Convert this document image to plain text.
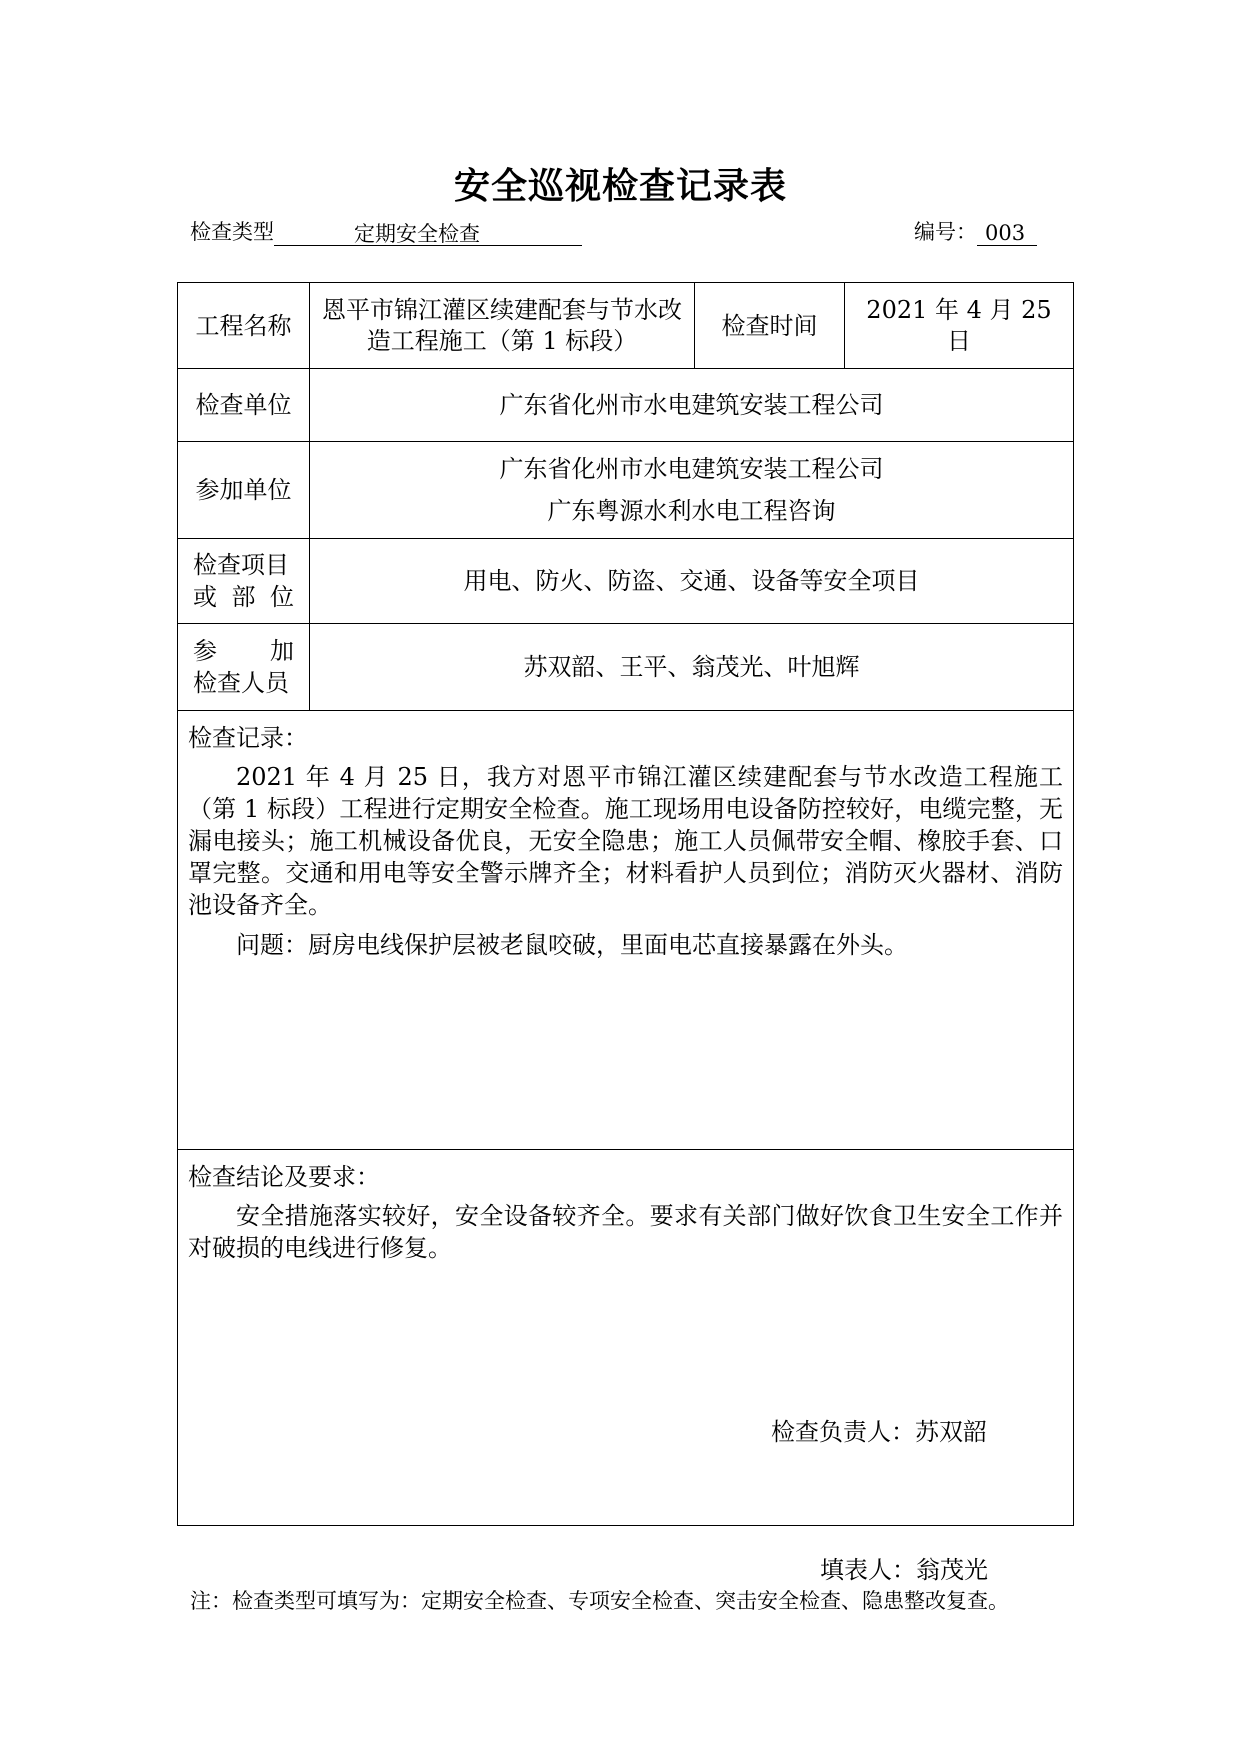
安全巡视检查记录表
检查类型	定期安全检查	编号： 003
工程名称	恩平市锦江灌区续建配套与节水改造工程施工（第 1 标段）	检查时间	2021 年 4 月 25 日
检查单位	广东省化州市水电建筑安装工程公司		
参加单位	广东省化州市水电建筑安装工程公司
广东粤源水利水电工程咨询		

检查项目
或 部 位	用电、防火、防盗、交通、设备等安全项目		

参 加
检查人员	苏双韶、王平、翁茂光、叶旭辉		

检查记录：

2021 年 4 月 25 日，我方对恩平市锦江灌区续建配套与节水改造工程施工（第 1 标段）工程进行定期安全检查。施工现场用电设备防控较好，电缆完整，无漏电接头；施工机械设备优良，无安全隐患；施工人员佩带安全帽、橡胶手套、口罩完整。交通和用电等安全警示牌齐全；材料看护人员到位；消防灭火器材、消防池设备齐全。

问题：厨房电线保护层被老鼠咬破，里面电芯直接暴露在外头。			

检查结论及要求：

安全措施落实较好，安全设备较齐全。要求有关部门做好饮食卫生安全工作并对破损的电线进行修复。

检查负责人：苏双韶			
填表人：翁茂光
注：检查类型可填写为：定期安全检查、专项安全检查、突击安全检查、隐患整改复查。
